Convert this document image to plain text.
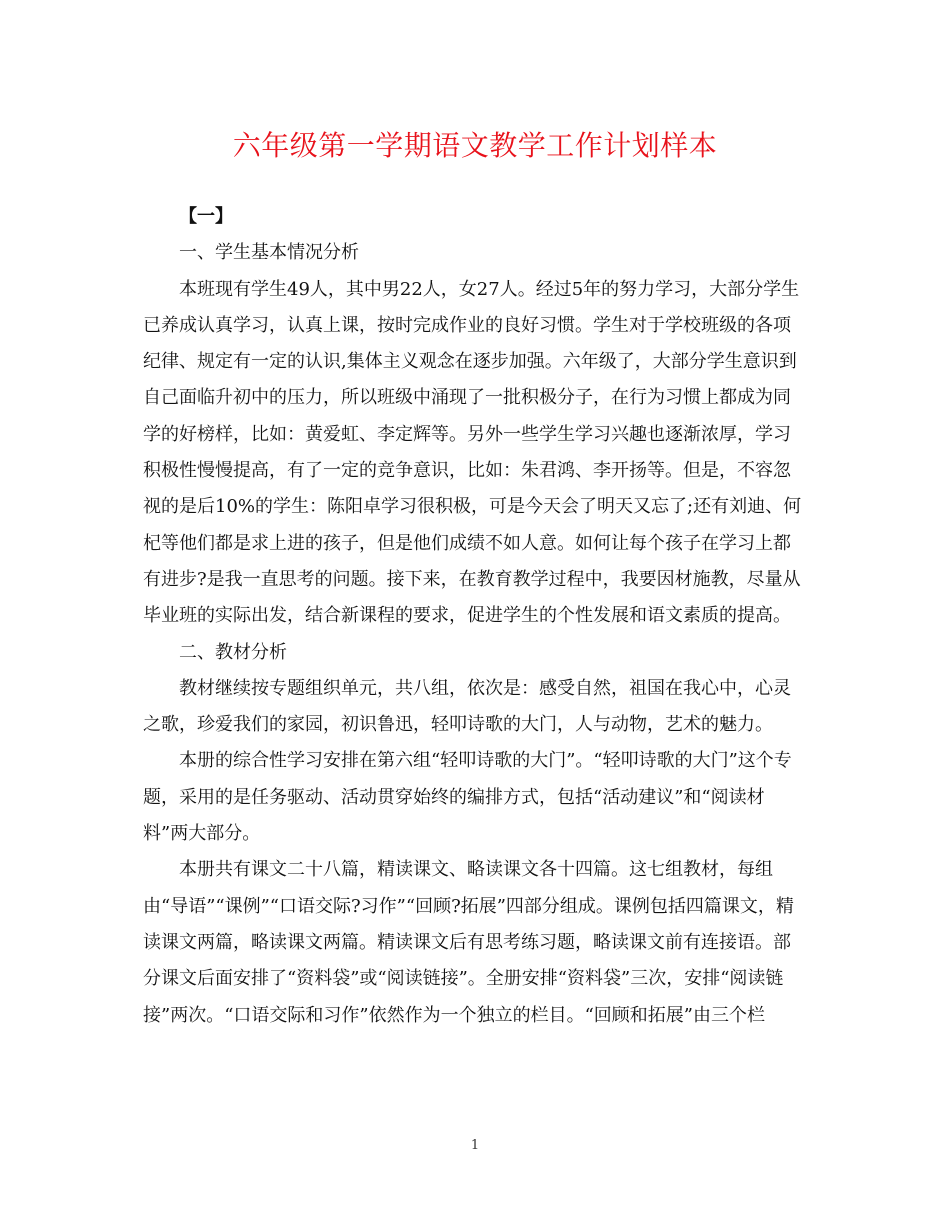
六年级第一学期语文教学工作计划样本

【一】

一、学生基本情况分析

本班现有学生49人，其中男22人，女27人。经过5年的努力学习，大部分学生已养成认真学习，认真上课，按时完成作业的良好习惯。学生对于学校班级的各项纪律、规定有一定的认识,集体主义观念在逐步加强。六年级了，大部分学生意识到自己面临升初中的压力，所以班级中涌现了一批积极分子，在行为习惯上都成为同学的好榜样，比如：黄爱虹、李定辉等。另外一些学生学习兴趣也逐渐浓厚，学习积极性慢慢提高，有了一定的竞争意识，比如：朱君鸿、李开扬等。但是，不容忽视的是后10%的学生：陈阳卓学习很积极，可是今天会了明天又忘了;还有刘迪、何杞等他们都是求上进的孩子，但是他们成绩不如人意。如何让每个孩子在学习上都有进步?是我一直思考的问题。接下来，在教育教学过程中，我要因材施教，尽量从毕业班的实际出发，结合新课程的要求，促进学生的个性发展和语文素质的提高。

二、教材分析

教材继续按专题组织单元，共八组，依次是：感受自然，祖国在我心中，心灵之歌，珍爱我们的家园，初识鲁迅，轻叩诗歌的大门，人与动物，艺术的魅力。

本册的综合性学习安排在第六组“轻叩诗歌的大门”。“轻叩诗歌的大门”这个专题，采用的是任务驱动、活动贯穿始终的编排方式，包括“活动建议”和“阅读材料”两大部分。

本册共有课文二十八篇，精读课文、略读课文各十四篇。这七组教材，每组由“导语”“课例”“口语交际?习作”“回顾?拓展”四部分组成。课例包括四篇课文，精读课文两篇，略读课文两篇。精读课文后有思考练习题，略读课文前有连接语。部分课文后面安排了“资料袋”或“阅读链接”。全册安排“资料袋”三次，安排“阅读链接”两次。“口语交际和习作”依然作为一个独立的栏目。“回顾和拓展”由三个栏

1
